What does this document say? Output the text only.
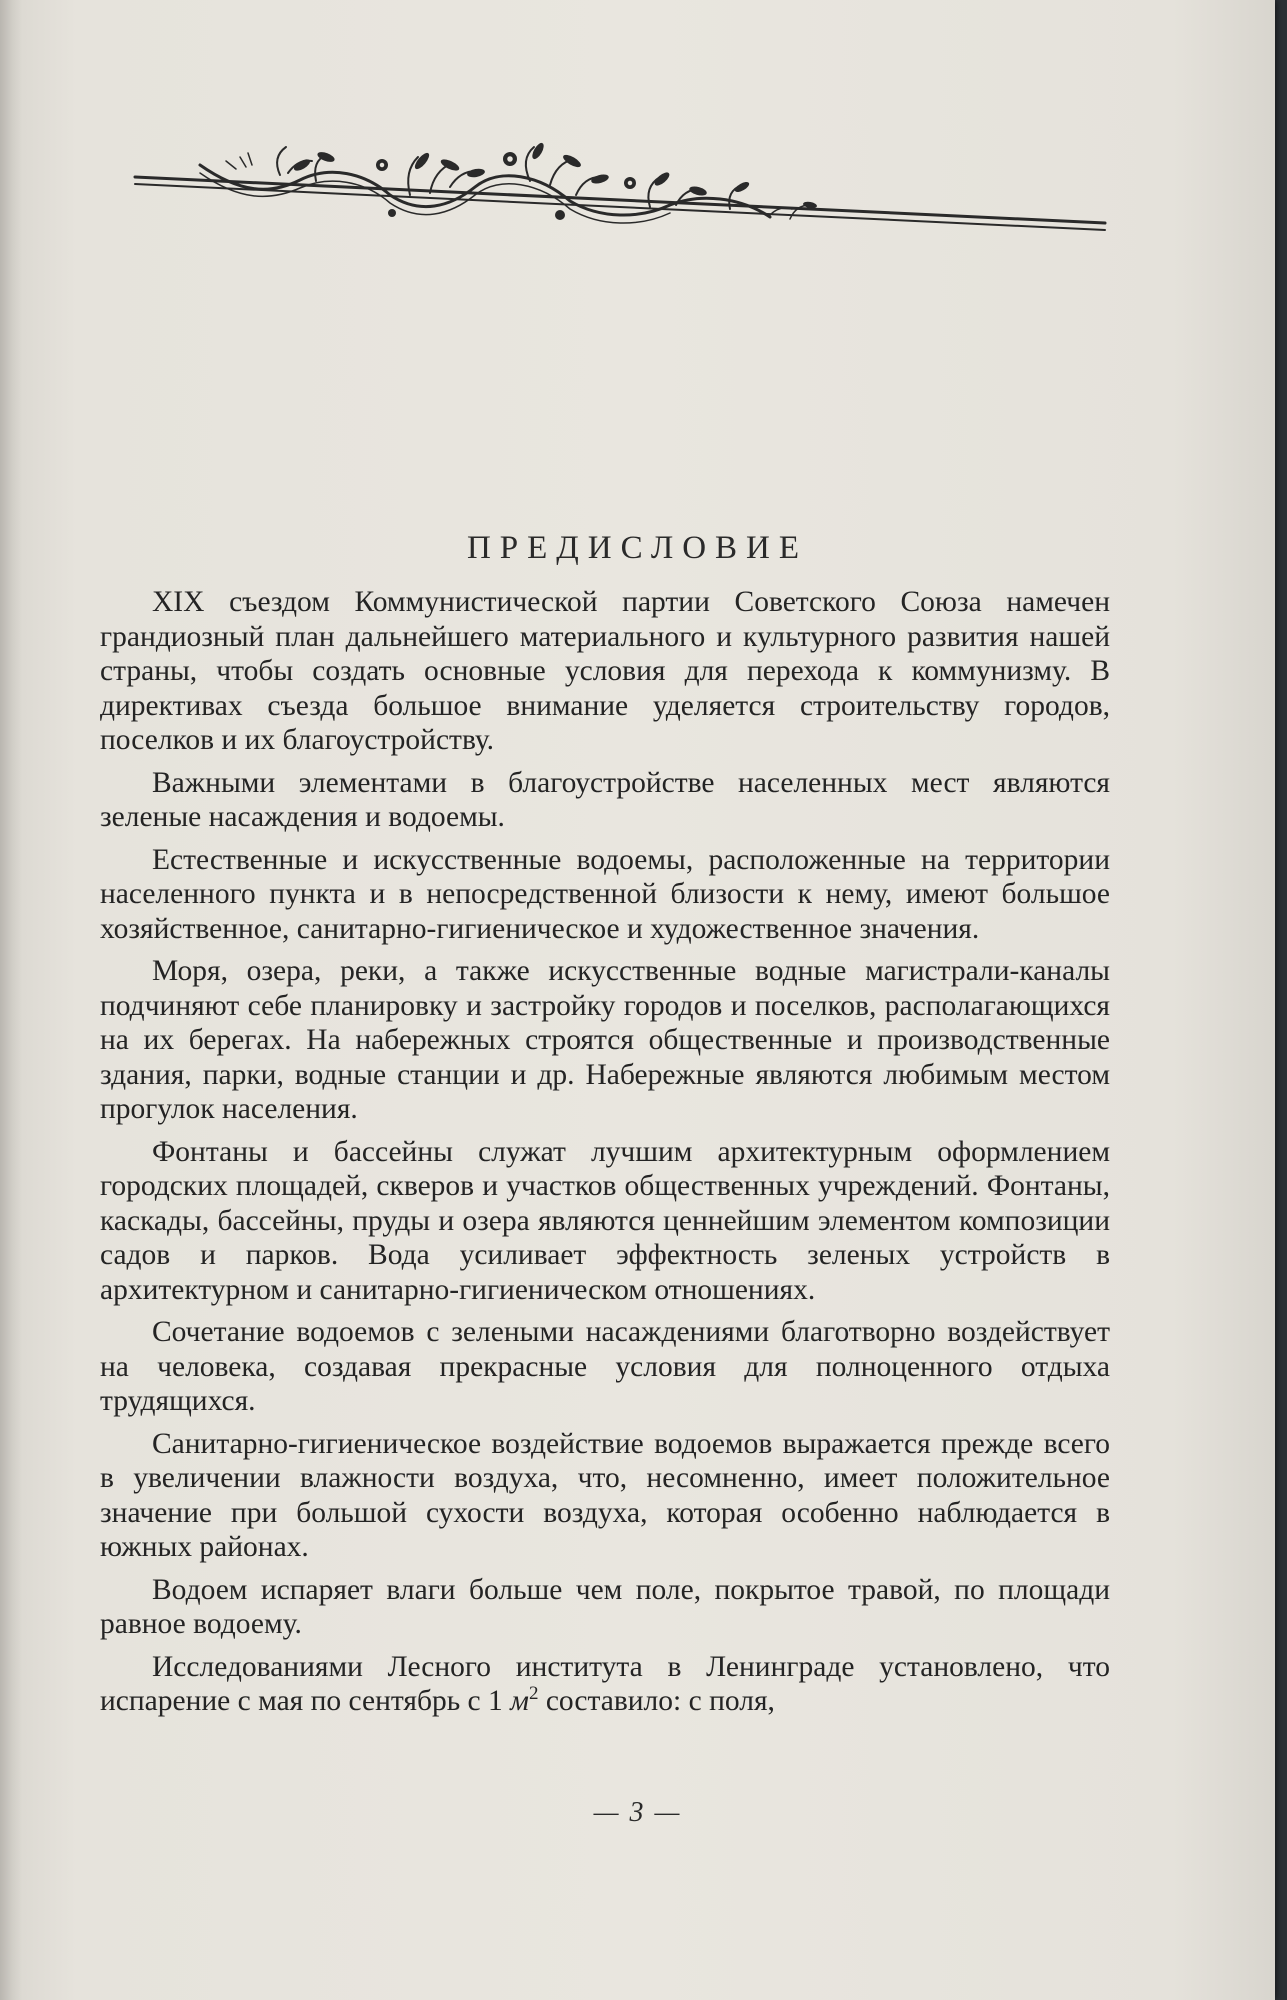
ПРЕДИСЛОВИЕ

XIX съездом Коммунистической партии Советского Союза намечен грандиозный план дальнейшего материального и культурного развития нашей страны, чтобы создать основные условия для перехода к коммунизму. В директивах съезда большое внимание уделяется строительству городов, поселков и их благоустройству.

Важными элементами в благоустройстве населенных мест являются зеленые насаждения и водоемы.

Естественные и искусственные водоемы, расположенные на территории населенного пункта и в непосредственной близости к нему, имеют большое хозяйственное, санитарно-гигиеническое и художественное значения.

Моря, озера, реки, а также искусственные водные магистрали-каналы подчиняют себе планировку и застройку городов и поселков, располагающихся на их берегах. На набережных строятся общественные и производственные здания, парки, водные станции и др. Набережные являются любимым местом прогулок населения.

Фонтаны и бассейны служат лучшим архитектурным оформлением городских площадей, скверов и участков общественных учреждений. Фонтаны, каскады, бассейны, пруды и озера являются ценнейшим элементом композиции садов и парков. Вода усиливает эффектность зеленых устройств в архитектурном и санитарно-гигиеническом отношениях.

Сочетание водоемов с зелеными насаждениями благотворно воздействует на человека, создавая прекрасные условия для полноценного отдыха трудящихся.

Санитарно-гигиеническое воздействие водоемов выражается прежде всего в увеличении влажности воздуха, что, несомненно, имеет положительное значение при большой сухости воздуха, которая особенно наблюдается в южных районах.

Водоем испаряет влаги больше чем поле, покрытое травой, по площади равное водоему.

Исследованиями Лесного института в Ленинграде установлено, что испарение с мая по сентябрь с 1 $м^2$ составило: с поля,

— 3 —
